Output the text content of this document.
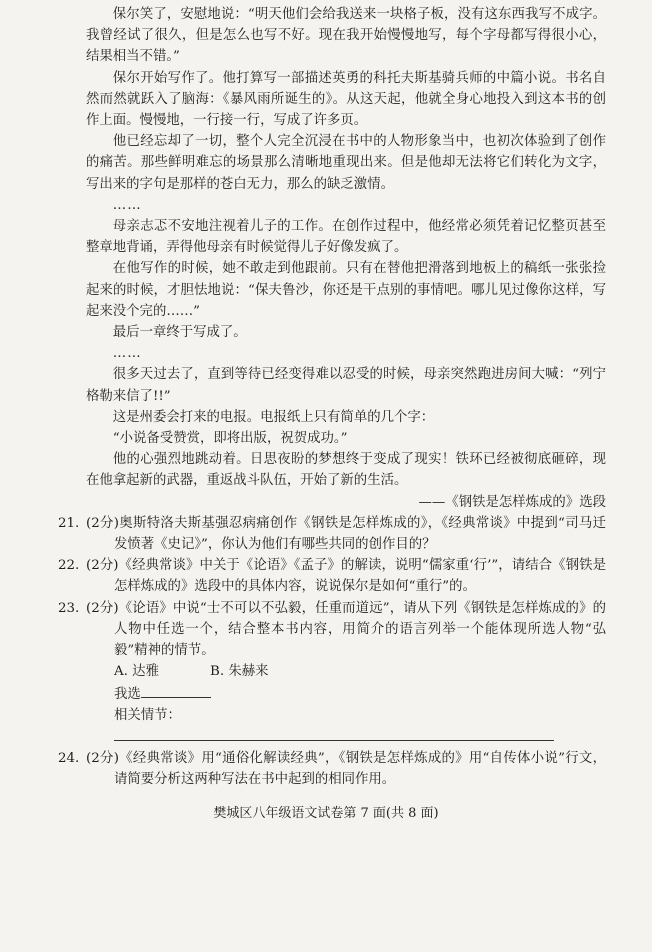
保尔笑了，安慰地说：“明天他们会给我送来一块格子板，没有这东西我写不成字。我曾经试了很久，但是怎么也写不好。现在我开始慢慢地写，每个字母都写得很小心，结果相当不错。”

保尔开始写作了。他打算写一部描述英勇的科托夫斯基骑兵师的中篇小说。书名自然而然就跃入了脑海：《暴风雨所诞生的》。从这天起，他就全身心地投入到这本书的创作上面。慢慢地，一行接一行，写成了许多页。

他已经忘却了一切，整个人完全沉浸在书中的人物形象当中，也初次体验到了创作的痛苦。那些鲜明难忘的场景那么清晰地重现出来。但是他却无法将它们转化为文字，写出来的字句是那样的苍白无力，那么的缺乏激情。

……

母亲志忑不安地注视着儿子的工作。在创作过程中，他经常必须凭着记忆整页甚至整章地背诵，弄得他母亲有时候觉得儿子好像发疯了。

在他写作的时候，她不敢走到他跟前。只有在替他把滑落到地板上的稿纸一张张捡起来的时候，才胆怯地说：“保夫鲁沙，你还是干点别的事情吧。哪儿见过像你这样，写起来没个完的……”

最后一章终于写成了。

……

很多天过去了，直到等待已经变得难以忍受的时候，母亲突然跑进房间大喊：“列宁格勒来信了!!”

这是州委会打来的电报。电报纸上只有简单的几个字：

“小说备受赞赏，即将出版，祝贺成功。”

他的心强烈地跳动着。日思夜盼的梦想终于变成了现实！铁环已经被彻底砸碎，现在他拿起新的武器，重返战斗队伍，开始了新的生活。

——《钢铁是怎样炼成的》选段

21. (2分)奥斯特洛夫斯基强忍病痛创作《钢铁是怎样炼成的》，《经典常谈》中提到“司马迁发愤著《史记》”，你认为他们有哪些共同的创作目的？

22. (2分)《经典常谈》中关于《论语》《孟子》的解读，说明“儒家重‘行’”，请结合《钢铁是怎样炼成的》选段中的具体内容，说说保尔是如何“重行”的。

23. (2分)《论语》中说“士不可以不弘毅，任重而道远”，请从下列《钢铁是怎样炼成的》的人物中任选一个，结合整本书内容，用简介的语言列举一个能体现所选人物“弘毅”精神的情节。

A. 达雅	B. 朱赫来

我选

相关情节：

24. (2分)《经典常谈》用“通俗化解读经典”，《钢铁是怎样炼成的》用“自传体小说”行文，请简要分析这两种写法在书中起到的相同作用。

樊城区八年级语文试卷第 7 面(共 8 面)
